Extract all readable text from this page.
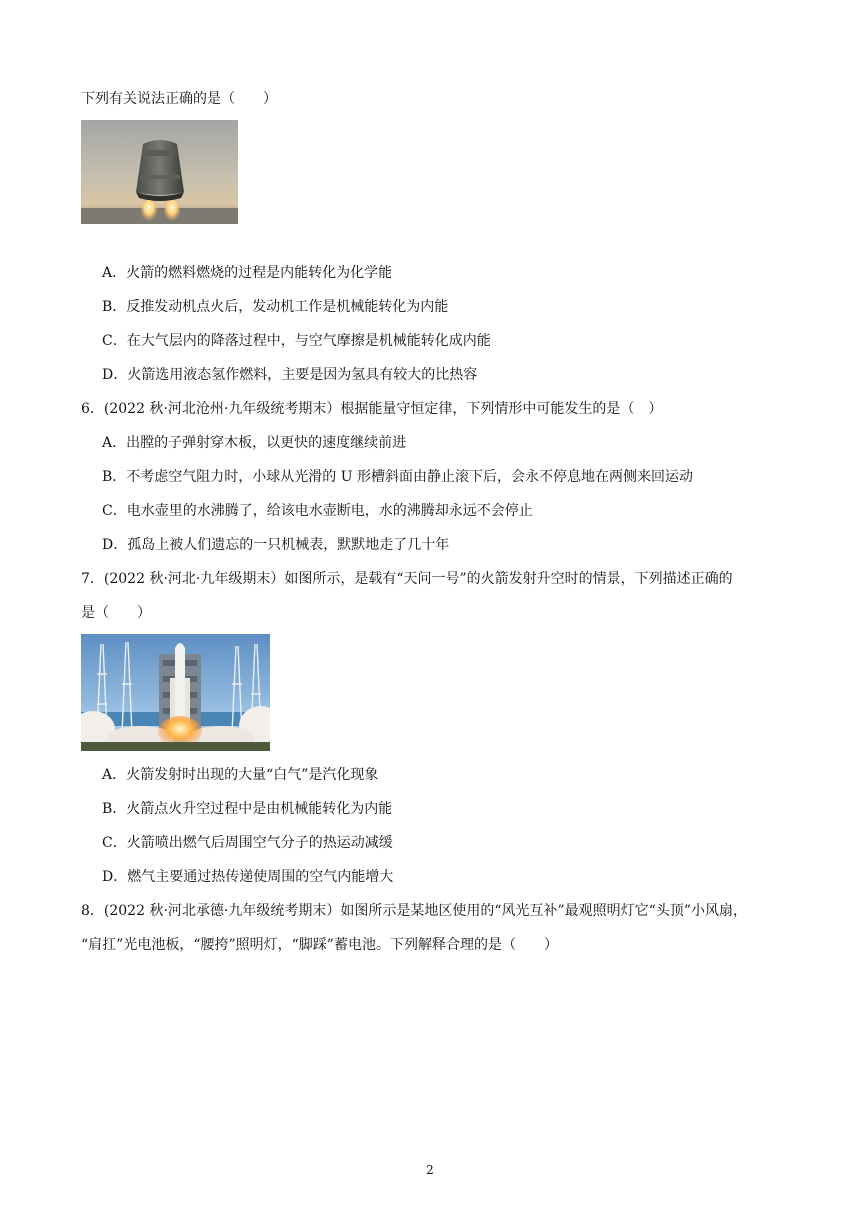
下列有关说法正确的是（　　）
A．火箭的燃料燃烧的过程是内能转化为化学能
B．反推发动机点火后，发动机工作是机械能转化为内能
C．在大气层内的降落过程中，与空气摩擦是机械能转化成内能
D．火箭选用液态氢作燃料，主要是因为氢具有较大的比热容
6．(2022 秋·河北沧州·九年级统考期末）根据能量守恒定律，下列情形中可能发生的是（　）
A．出膛的子弹射穿木板，以更快的速度继续前进
B．不考虑空气阻力时，小球从光滑的 U 形槽斜面由静止滚下后，会永不停息地在两侧来回运动
C．电水壶里的水沸腾了，给该电水壶断电，水的沸腾却永远不会停止
D．孤岛上被人们遗忘的一只机械表，默默地走了几十年
7．(2022 秋·河北·九年级期末）如图所示，是载有“天问一号”的火箭发射升空时的情景，下列描述正确的
是（　　）
A．火箭发射时出现的大量“白气”是汽化现象
B．火箭点火升空过程中是由机械能转化为内能
C．火箭喷出燃气后周围空气分子的热运动减缓
D．燃气主要通过热传递使周围的空气内能增大
8．(2022 秋·河北承德·九年级统考期末）如图所示是某地区使用的“风光互补”最观照明灯它“头顶”小风扇，
“肩扛”光电池板，“腰挎”照明灯，“脚踩”蓄电池。下列解释合理的是（　　）
2
